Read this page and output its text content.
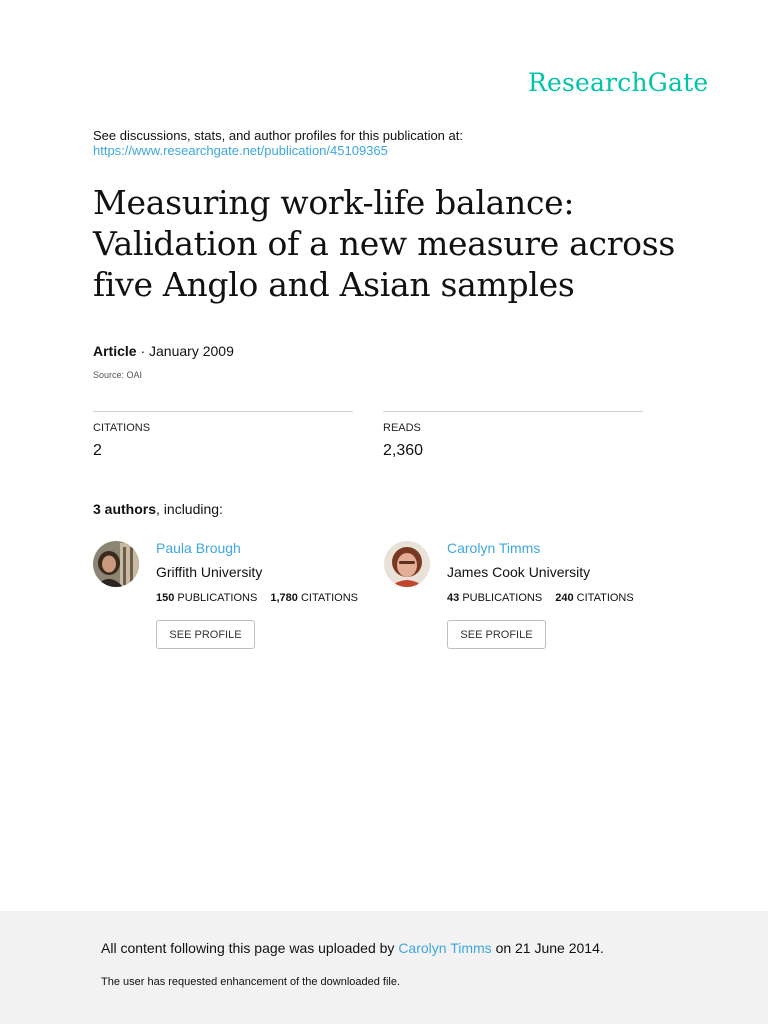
ResearchGate
See discussions, stats, and author profiles for this publication at:
https://www.researchgate.net/publication/45109365
Measuring work-life balance:
Validation of a new measure across
five Anglo and Asian samples
Article · January 2009
Source: OAI
CITATIONS
2
READS
2,360
3 authors, including:
Paula Brough
Griffith University
150 PUBLICATIONS 1,780 CITATIONS
SEE PROFILE
Carolyn Timms
James Cook University
43 PUBLICATIONS 240 CITATIONS
SEE PROFILE
All content following this page was uploaded by Carolyn Timms on 21 June 2014.
The user has requested enhancement of the downloaded file.
